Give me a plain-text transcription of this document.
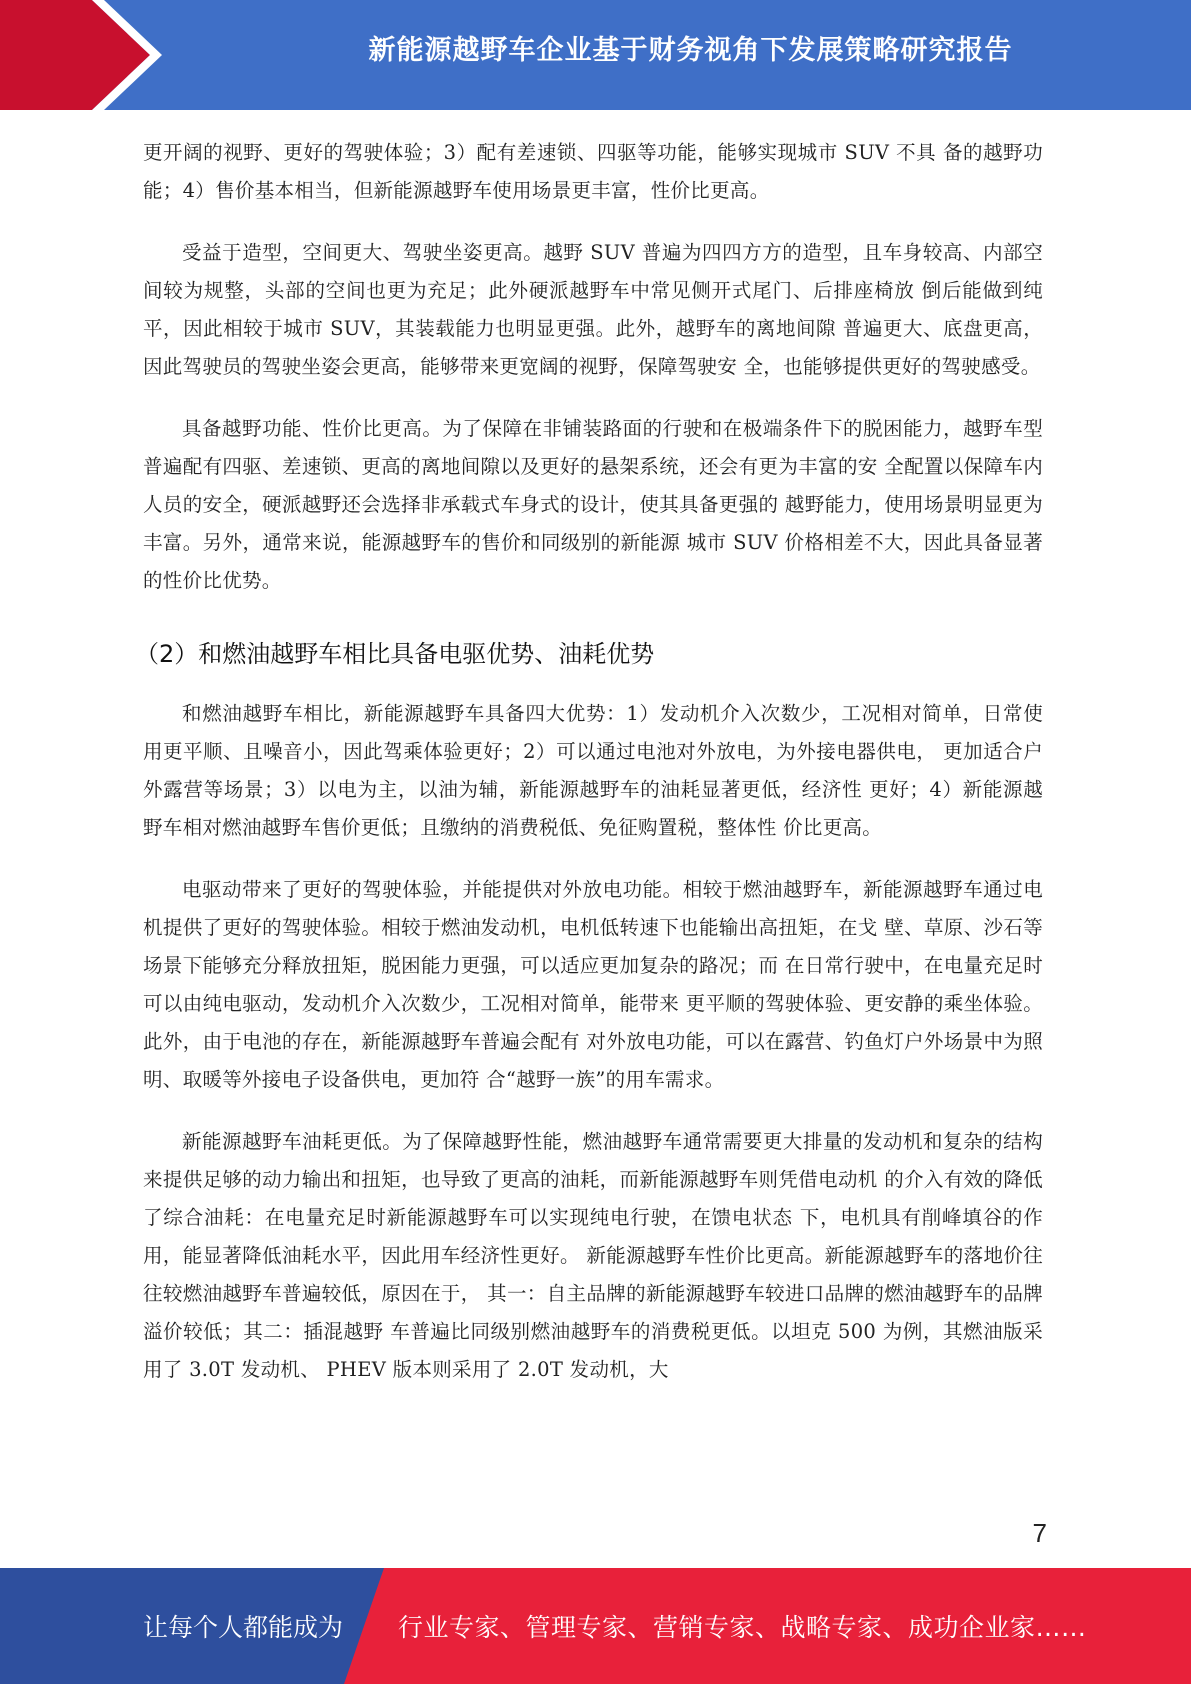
新能源越野车企业基于财务视角下发展策略研究报告

更开阔的视野、更好的驾驶体验；3）配有差速锁、四驱等功能，能够实现城市 SUV 不具 备的越野功能；4）售价基本相当，但新能源越野车使用场景更丰富，性价比更高。

受益于造型，空间更大、驾驶坐姿更高。越野 SUV 普遍为四四方方的造型，且车身较高、内部空间较为规整，头部的空间也更为充足；此外硬派越野车中常见侧开式尾门、后排座椅放 倒后能做到纯平，因此相较于城市 SUV，其装载能力也明显更强。此外，越野车的离地间隙 普遍更大、底盘更高，因此驾驶员的驾驶坐姿会更高，能够带来更宽阔的视野，保障驾驶安 全，也能够提供更好的驾驶感受。

具备越野功能、性价比更高。为了保障在非铺装路面的行驶和在极端条件下的脱困能力，越野车型普遍配有四驱、差速锁、更高的离地间隙以及更好的悬架系统，还会有更为丰富的安 全配置以保障车内人员的安全，硬派越野还会选择非承载式车身式的设计，使其具备更强的 越野能力，使用场景明显更为丰富。另外，通常来说，能源越野车的售价和同级别的新能源 城市 SUV 价格相差不大，因此具备显著的性价比优势。

（2）和燃油越野车相比具备电驱优势、油耗优势

和燃油越野车相比，新能源越野车具备四大优势：1）发动机介入次数少，工况相对简单，日常使用更平顺、且噪音小，因此驾乘体验更好；2）可以通过电池对外放电，为外接电器供电， 更加适合户外露营等场景；3）以电为主，以油为辅，新能源越野车的油耗显著更低，经济性 更好；4）新能源越野车相对燃油越野车售价更低；且缴纳的消费税低、免征购置税，整体性 价比更高。

电驱动带来了更好的驾驶体验，并能提供对外放电功能。相较于燃油越野车，新能源越野车通过电机提供了更好的驾驶体验。相较于燃油发动机，电机低转速下也能输出高扭矩，在戈 壁、草原、沙石等场景下能够充分释放扭矩，脱困能力更强，可以适应更加复杂的路况；而 在日常行驶中，在电量充足时可以由纯电驱动，发动机介入次数少，工况相对简单，能带来 更平顺的驾驶体验、更安静的乘坐体验。此外，由于电池的存在，新能源越野车普遍会配有 对外放电功能，可以在露营、钓鱼灯户外场景中为照明、取暖等外接电子设备供电，更加符 合“越野一族”的用车需求。

新能源越野车油耗更低。为了保障越野性能，燃油越野车通常需要更大排量的发动机和复杂的结构来提供足够的动力输出和扭矩，也导致了更高的油耗，而新能源越野车则凭借电动机 的介入有效的降低了综合油耗：在电量充足时新能源越野车可以实现纯电行驶，在馈电状态 下，电机具有削峰填谷的作用，能显著降低油耗水平，因此用车经济性更好。 新能源越野车性价比更高。新能源越野车的落地价往往较燃油越野车普遍较低，原因在于， 其一：自主品牌的新能源越野车较进口品牌的燃油越野车的品牌溢价较低；其二：插混越野 车普遍比同级别燃油越野车的消费税更低。以坦克 500 为例，其燃油版采用了 3.0T 发动机、 PHEV 版本则采用了 2.0T 发动机，大

7
让每个人都能成为 行业专家、管理专家、营销专家、战略专家、成功企业家……
